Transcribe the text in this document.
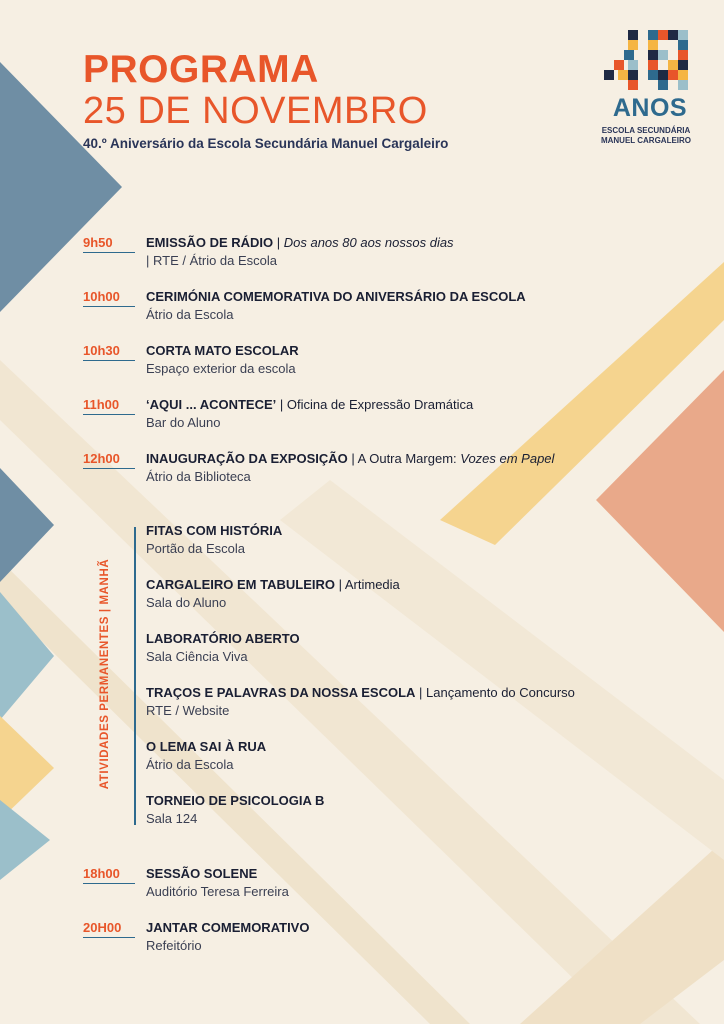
PROGRAMA
25 DE NOVEMBRO
40.º Aniversário da Escola Secundária Manuel Cargaleiro
ANOS
ESCOLA SECUNDÁRIA
MANUEL CARGALEIRO
9h50	EMISSÃO DE RÁDIO | Dos anos 80 aos nossos dias
| RTE / Átrio da Escola
10h00	CERIMÓNIA COMEMORATIVA DO ANIVERSÁRIO DA ESCOLA
Átrio da Escola
10h30	CORTA MATO ESCOLAR
Espaço exterior da escola
11h00	‘AQUI ... ACONTECE’ | Oficina de Expressão Dramática
Bar do Aluno
12h00	INAUGURAÇÃO DA EXPOSIÇÃO | A Outra Margem: Vozes em Papel
Átrio da Biblioteca
ATIVIDADES PERMANENTES | MANHÃ
FITAS COM HISTÓRIA
Portão da Escola
CARGALEIRO EM TABULEIRO | Artimedia
Sala do Aluno
LABORATÓRIO ABERTO
Sala Ciência Viva
TRAÇOS E PALAVRAS DA NOSSA ESCOLA | Lançamento do Concurso
RTE / Website
O LEMA SAI À RUA
Átrio da Escola
TORNEIO DE PSICOLOGIA B
Sala 124
18h00	SESSÃO SOLENE
Auditório Teresa Ferreira
20H00	JANTAR COMEMORATIVO
Refeitório
